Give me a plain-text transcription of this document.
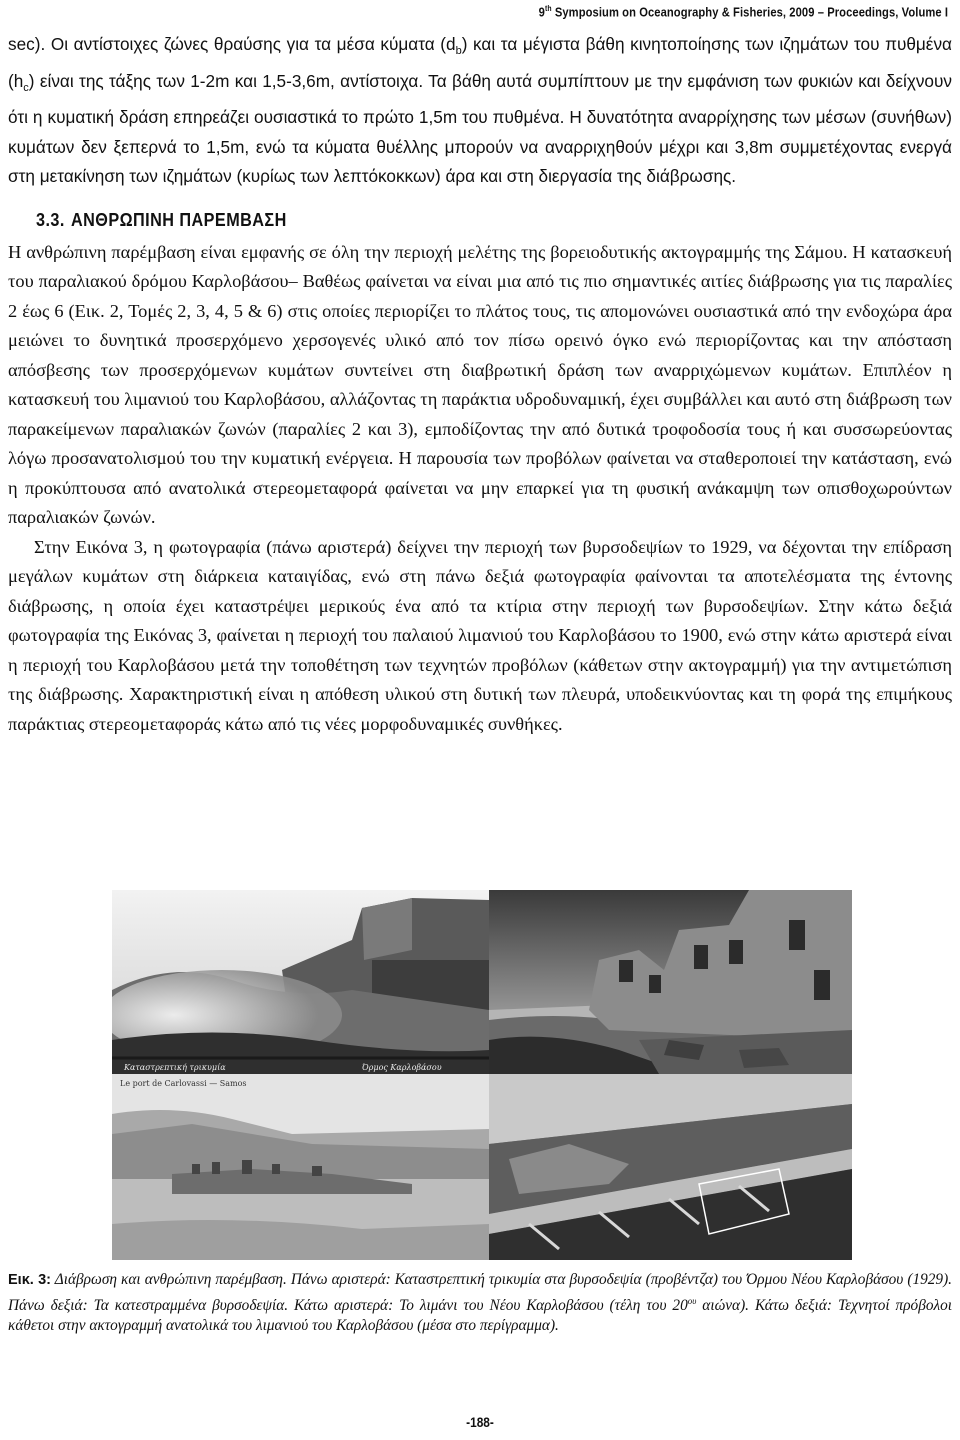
9th Symposium on Oceanography & Fisheries, 2009 – Proceedings, Volume I

sec). Οι αντίστοιχες ζώνες θραύσης για τα μέσα κύματα $(d_b)$ και τα μέγιστα βάθη κινητοποίησης των ιζημάτων του πυθμένα $(h_c)$ είναι της τάξης των 1-2m και 1,5-3,6m, αντίστοιχα. Τα βάθη αυτά συμπίπτουν με την εμφάνιση των φυκιών και δείχνουν ότι η κυματική δράση επηρεάζει ουσιαστικά το πρώτο 1,5m του πυθμένα. Η δυνατότητα αναρρίχησης των μέσων (συνήθων) κυμάτων δεν ξεπερνά το 1,5m, ενώ τα κύματα θυέλλης μπορούν να αναρριχηθούν μέχρι και 3,8m συμμετέχοντας ενεργά στη μετακίνηση των ιζημάτων (κυρίως των λεπτόκοκκων) άρα και στη διεργασία της διάβρωσης.

3.3. ΑΝΘΡΩΠΙΝΗ ΠΑΡΕΜΒΑΣΗ

Η ανθρώπινη παρέμβαση είναι εμφανής σε όλη την περιοχή μελέτης της βορειοδυτικής ακτογραμμής της Σάμου. Η κατασκευή του παραλιακού δρόμου Καρλοβάσου– Βαθέως φαίνεται να είναι μια από τις πιο σημαντικές αιτίες διάβρωσης για τις παραλίες 2 έως 6 (Εικ. 2, Τομές 2, 3, 4, 5 & 6) στις οποίες περιορίζει το πλάτος τους, τις απομονώνει ουσιαστικά από την ενδοχώρα άρα μειώνει το δυνητικά προσερχόμενο χερσογενές υλικό από τον πίσω ορεινό όγκο ενώ περιορίζοντας και την απόσταση απόσβεσης των προσερχόμενων κυμάτων συντείνει στη διαβρωτική δράση των αναρριχώμενων κυμάτων. Επιπλέον η κατασκευή του λιμανιού του Καρλοβάσου, αλλάζοντας τη παράκτια υδροδυναμική, έχει συμβάλλει και αυτό στη διάβρωση των παρακείμενων παραλιακών ζωνών (παραλίες 2 και 3), εμποδίζοντας την από δυτικά τροφοδοσία τους ή και συσσωρεύοντας λόγω προσανατολισμού του την κυματική ενέργεια. Η παρουσία των προβόλων φαίνεται να σταθεροποιεί την κατάσταση, ενώ η προκύπτουσα από ανατολικά στερεομεταφορά φαίνεται να μην επαρκεί για τη φυσική ανάκαμψη των οπισθοχωρούντων παραλιακών ζωνών.

Στην Εικόνα 3, η φωτογραφία (πάνω αριστερά) δείχνει την περιοχή των βυρσοδεψίων το 1929, να δέχονται την επίδραση μεγάλων κυμάτων στη διάρκεια καταιγίδας, ενώ στη πάνω δεξιά φωτογραφία φαίνονται τα αποτελέσματα της έντονης διάβρωσης, η οποία έχει καταστρέψει μερικούς ένα από τα κτίρια στην περιοχή των βυρσοδεψίων. Στην κάτω δεξιά φωτογραφία της Εικόνας 3, φαίνεται η περιοχή του παλαιού λιμανιού του Καρλοβάσου το 1900, ενώ στην κάτω αριστερά είναι η περιοχή του Καρλοβάσου μετά την τοποθέτηση των τεχνητών προβόλων (κάθετων στην ακτογραμμή) για την αντιμετώπιση της διάβρωσης. Χαρακτηριστική είναι η απόθεση υλικού στη δυτική των πλευρά, υποδεικνύοντας και τη φορά της επιμήκους παράκτιας στερεομεταφοράς κάτω από τις νέες μορφοδυναμικές συνθήκες.

Καταστρεπτική τρικυμία	Όρμος Καρλοβάσου
Le port de Carlovassi — Samos
Εικ. 3: Διάβρωση και ανθρώπινη παρέμβαση. Πάνω αριστερά: Καταστρεπτική τρικυμία στα βυρσοδεψία (προβέντζα) του Όρμου Νέου Καρλοβάσου (1929). Πάνω δεξιά: Τα κατεστραμμένα βυρσοδεψία. Κάτω αριστερά: Το λιμάνι του Νέου Καρλοβάσου (τέλη του $20^{o\upsilon}$ αιώνα). Κάτω δεξιά: Τεχνητοί πρόβολοι κάθετοι στην ακτογραμμή ανατολικά του λιμανιού του Καρλοβάσου (μέσα στο περίγραμμα).
-188-
